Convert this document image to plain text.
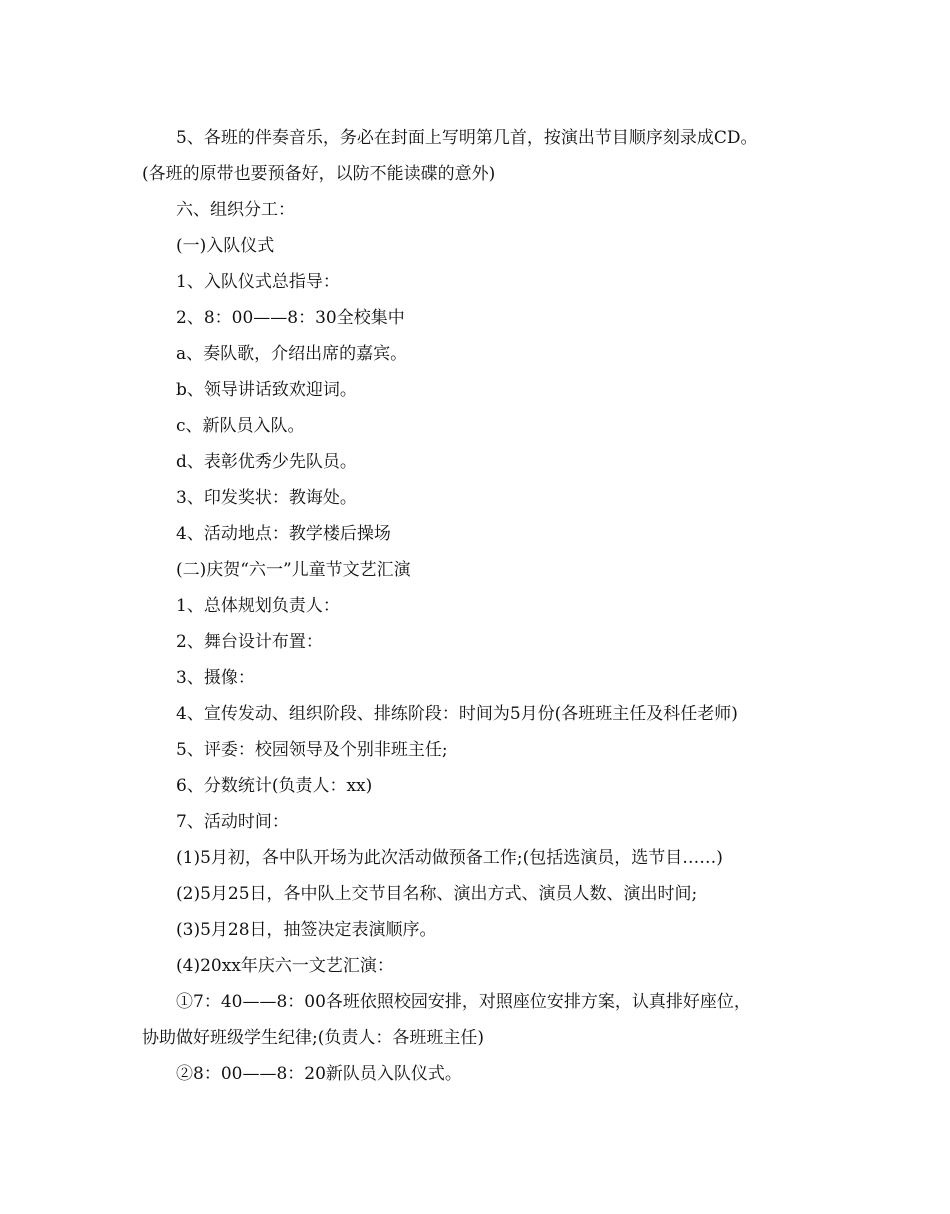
5、各班的伴奏音乐，务必在封面上写明第几首，按演出节目顺序刻录成CD。

(各班的原带也要预备好，以防不能读碟的意外)

六、组织分工：

(一)入队仪式

1、入队仪式总指导：

2、8：00——8：30全校集中

a、奏队歌，介绍出席的嘉宾。

b、领导讲话致欢迎词。

c、新队员入队。

d、表彰优秀少先队员。

3、印发奖状：教诲处。

4、活动地点：教学楼后操场

(二)庆贺“六一”儿童节文艺汇演

1、总体规划负责人：

2、舞台设计布置：

3、摄像：

4、宣传发动、组织阶段、排练阶段：时间为5月份(各班班主任及科任老师)

5、评委：校园领导及个别非班主任;

6、分数统计(负责人：xx)

7、活动时间：

(1)5月初，各中队开场为此次活动做预备工作;(包括选演员，选节目……)

(2)5月25日，各中队上交节目名称、演出方式、演员人数、演出时间;

(3)5月28日，抽签决定表演顺序。

(4)20xx年庆六一文艺汇演：

①7：40——8：00各班依照校园安排，对照座位安排方案，认真排好座位，

协助做好班级学生纪律;(负责人：各班班主任)

②8：00——8：20新队员入队仪式。
